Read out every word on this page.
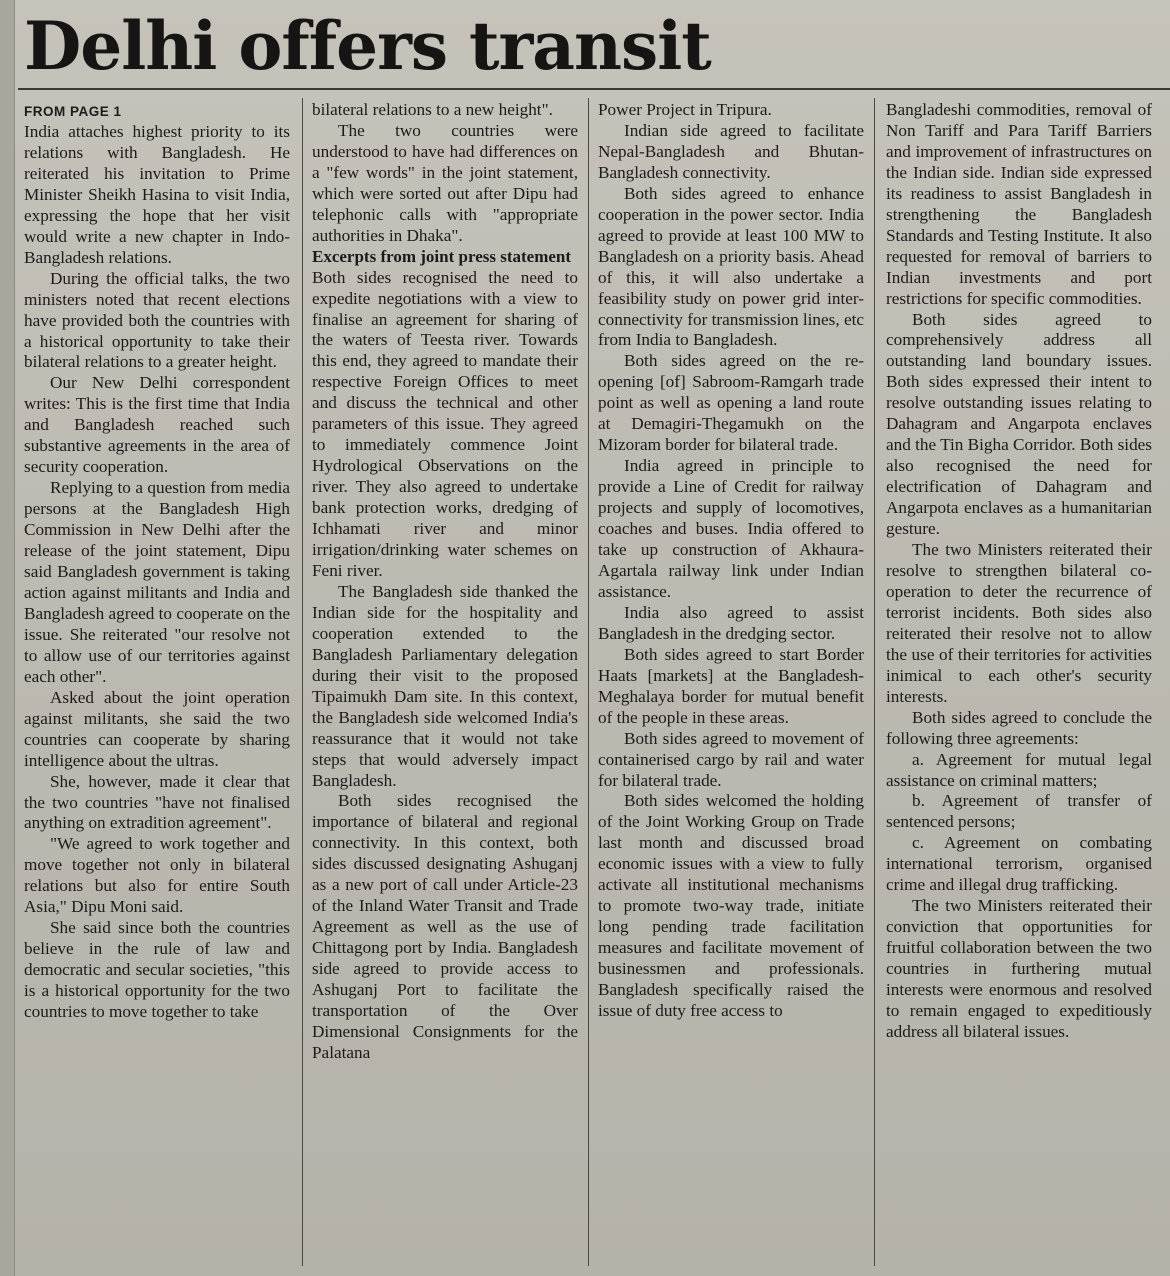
Delhi offers transit
FROM PAGE 1

India attaches highest priority to its relations with Bangladesh. He reiterated his invitation to Prime Minister Sheikh Hasina to visit India, expressing the hope that her visit would write a new chapter in Indo-Bangladesh relations.

During the official talks, the two ministers noted that recent elections have provided both the countries with a historical opportunity to take their bilateral relations to a greater height.

Our New Delhi correspondent writes: This is the first time that India and Bangladesh reached such substantive agreements in the area of security cooperation.

Replying to a question from media persons at the Bangladesh High Commission in New Delhi after the release of the joint statement, Dipu said Bangladesh government is taking action against militants and India and Bangladesh agreed to cooperate on the issue. She reiterated "our resolve not to allow use of our territories against each other".

Asked about the joint operation against militants, she said the two countries can cooperate by sharing intelligence about the ultras.

She, however, made it clear that the two countries "have not finalised anything on extradition agreement".

"We agreed to work together and move together not only in bilateral relations but also for entire South Asia," Dipu Moni said.

She said since both the countries believe in the rule of law and democratic and secular societies, "this is a historical opportunity for the two countries to move together to take

bilateral relations to a new height".

The two countries were understood to have had differences on a "few words" in the joint statement, which were sorted out after Dipu had telephonic calls with "appropriate authorities in Dhaka".

Excerpts from joint press statement

Both sides recognised the need to expedite negotiations with a view to finalise an agreement for sharing of the waters of Teesta river. Towards this end, they agreed to mandate their respective Foreign Offices to meet and discuss the technical and other parameters of this issue. They agreed to immediately commence Joint Hydrological Observations on the river. They also agreed to undertake bank protection works, dredging of Ichhamati river and minor irrigation/drinking water schemes on Feni river.

The Bangladesh side thanked the Indian side for the hospitality and cooperation extended to the Bangladesh Parliamentary delegation during their visit to the proposed Tipaimukh Dam site. In this context, the Bangladesh side welcomed India's reassurance that it would not take steps that would adversely impact Bangladesh.

Both sides recognised the importance of bilateral and regional connectivity. In this context, both sides discussed designating Ashuganj as a new port of call under Article-23 of the Inland Water Transit and Trade Agreement as well as the use of Chittagong port by India. Bangladesh side agreed to provide access to Ashuganj Port to facilitate the transportation of the Over Dimensional Consignments for the Palatana

Power Project in Tripura.

Indian side agreed to facilitate Nepal-Bangladesh and Bhutan-Bangladesh connectivity.

Both sides agreed to enhance cooperation in the power sector. India agreed to provide at least 100 MW to Bangladesh on a priority basis. Ahead of this, it will also undertake a feasibility study on power grid inter-connectivity for transmission lines, etc from India to Bangladesh.

Both sides agreed on the re-opening [of] Sabroom-Ramgarh trade point as well as opening a land route at Demagiri-Thegamukh on the Mizoram border for bilateral trade.

India agreed in principle to provide a Line of Credit for railway projects and supply of locomotives, coaches and buses. India offered to take up construction of Akhaura-Agartala railway link under Indian assistance.

India also agreed to assist Bangladesh in the dredging sector.

Both sides agreed to start Border Haats [markets] at the Bangladesh-Meghalaya border for mutual benefit of the people in these areas.

Both sides agreed to movement of containerised cargo by rail and water for bilateral trade.

Both sides welcomed the holding of the Joint Working Group on Trade last month and discussed broad economic issues with a view to fully activate all institutional mechanisms to promote two-way trade, initiate long pending trade facilitation measures and facilitate movement of businessmen and professionals. Bangladesh specifically raised the issue of duty free access to

Bangladeshi commodities, removal of Non Tariff and Para Tariff Barriers and improvement of infrastructures on the Indian side. Indian side expressed its readiness to assist Bangladesh in strengthening the Bangladesh Standards and Testing Institute. It also requested for removal of barriers to Indian investments and port restrictions for specific commodities.

Both sides agreed to comprehensively address all outstanding land boundary issues. Both sides expressed their intent to resolve outstanding issues relating to Dahagram and Angarpota enclaves and the Tin Bigha Corridor. Both sides also recognised the need for electrification of Dahagram and Angarpota enclaves as a humanitarian gesture.

The two Ministers reiterated their resolve to strengthen bilateral co-operation to deter the recurrence of terrorist incidents. Both sides also reiterated their resolve not to allow the use of their territories for activities inimical to each other's security interests.

Both sides agreed to conclude the following three agreements:

a. Agreement for mutual legal assistance on criminal matters;

b. Agreement of transfer of sentenced persons;

c. Agreement on combating international terrorism, organised crime and illegal drug trafficking.

The two Ministers reiterated their conviction that opportunities for fruitful collaboration between the two countries in furthering mutual interests were enormous and resolved to remain engaged to expeditiously address all bilateral issues.
